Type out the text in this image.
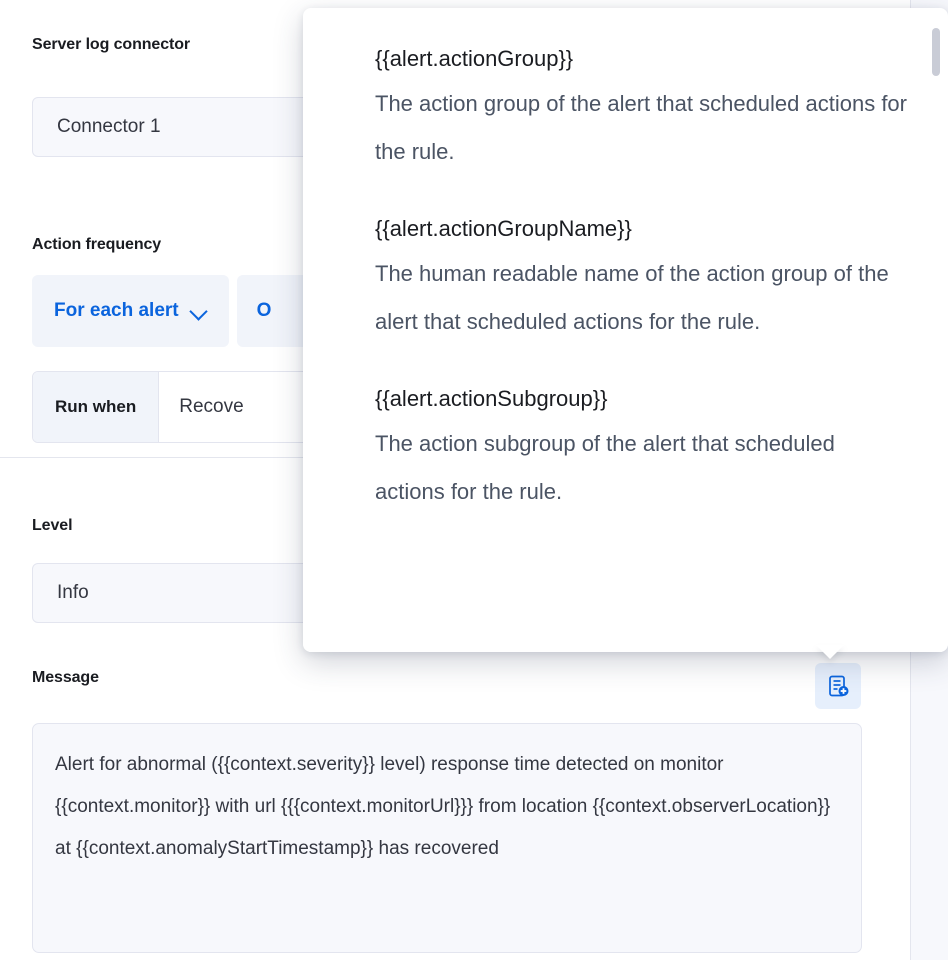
Server log connector
Connector 1
Action frequency
For each alert	O
Run when	Recove
Level
Info
Message
Alert for abnormal ({{context.severity}} level) response time detected on monitor {{context.monitor}} with url {{{context.monitorUrl}}} from location {{context.observerLocation}} at {{context.anomalyStartTimestamp}} has recovered
{{alert.actionGroup}}
The action group of the alert that scheduled actions for the rule.
{{alert.actionGroupName}}
The human readable name of the action group of the alert that scheduled actions for the rule.
{{alert.actionSubgroup}}
The action subgroup of the alert that scheduled actions for the rule.
